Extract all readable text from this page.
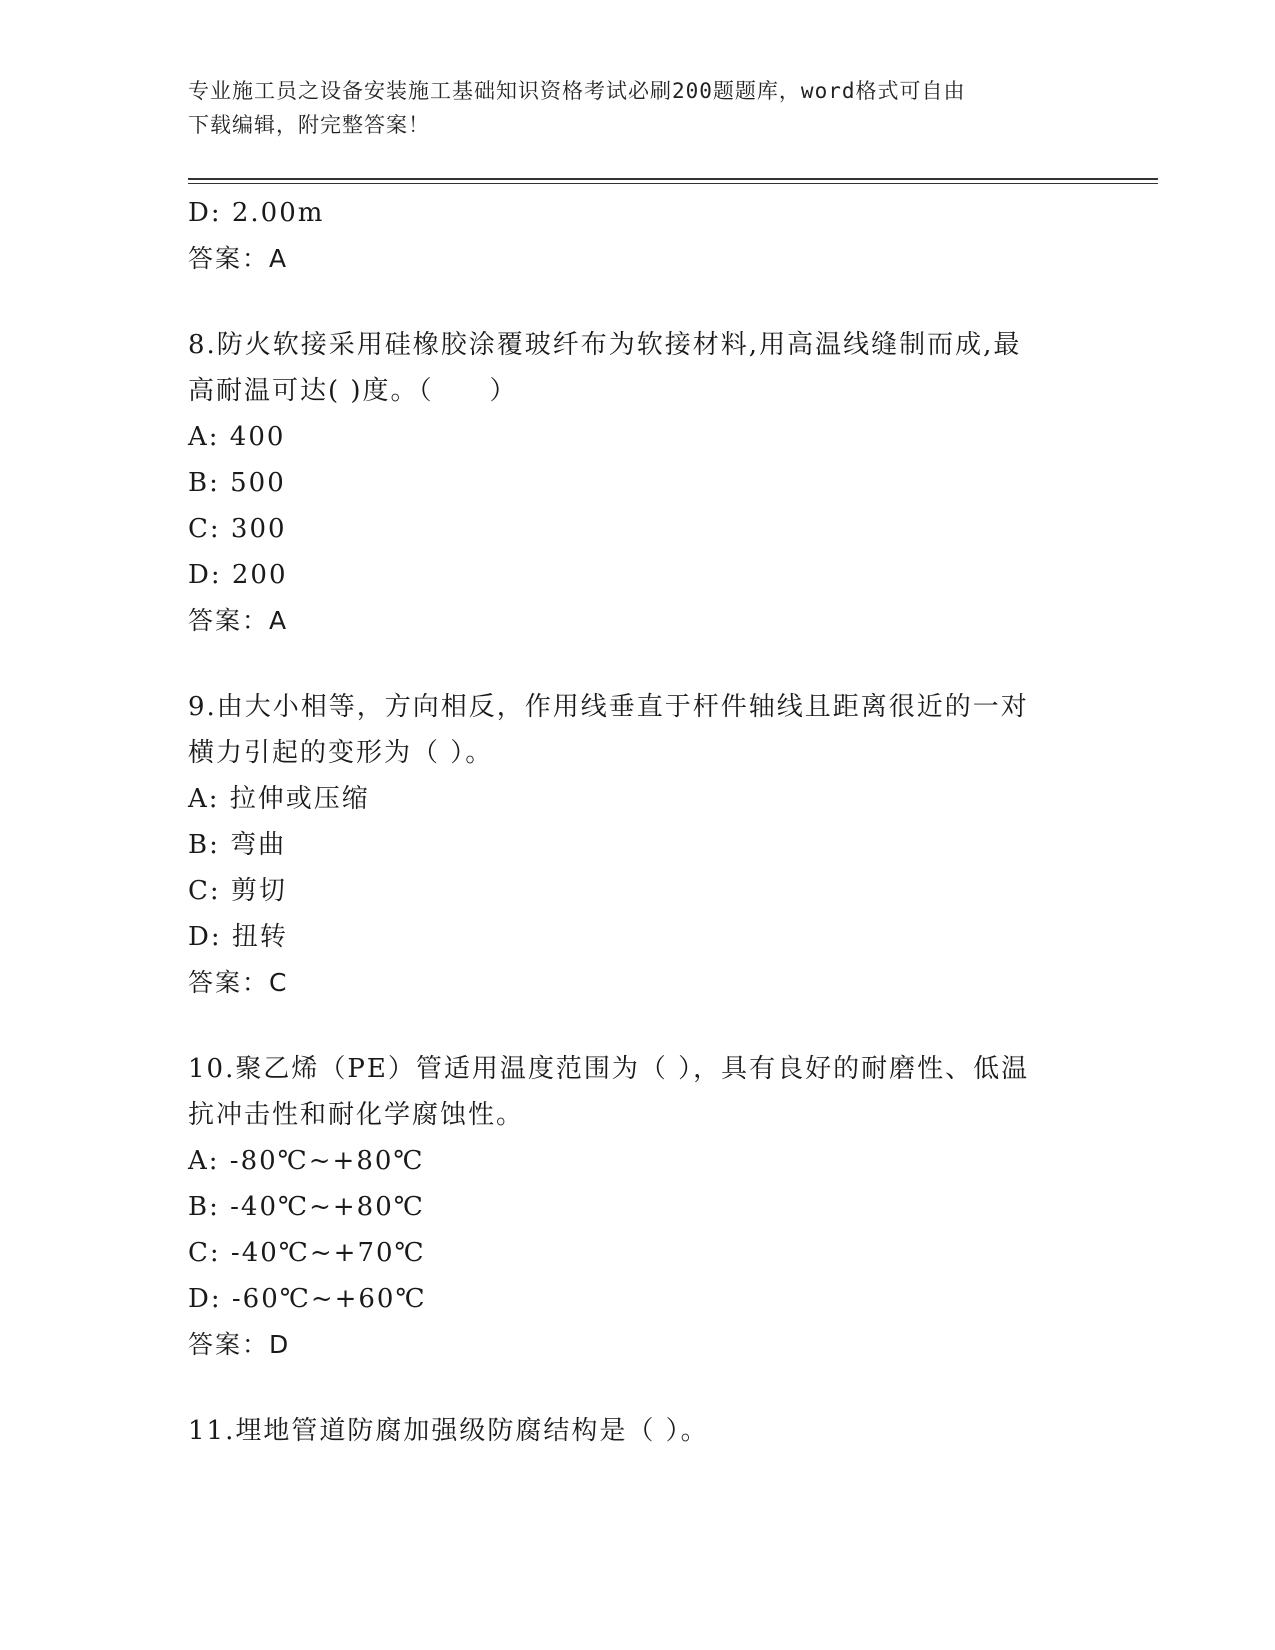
专业施工员之设备安装施工基础知识资格考试必刷200题题库，word格式可自由
下载编辑，附完整答案！
D: 2.00m
答案：A
8.防火软接采用硅橡胶涂覆玻纤布为软接材料,用高温线缝制而成,最
高耐温可达( )度。（　　）
A: 400
B: 500
C: 300
D: 200
答案：A
9.由大小相等，方向相反，作用线垂直于杆件轴线且距离很近的一对
横力引起的变形为（ ）。
A: 拉伸或压缩
B: 弯曲
C: 剪切
D: 扭转
答案：C
10.聚乙烯（PE）管适用温度范围为（ ），具有良好的耐磨性、低温
抗冲击性和耐化学腐蚀性。
A: -80℃~+80℃
B: -40℃~+80℃
C: -40℃~+70℃
D: -60℃~+60℃
答案：D
11.埋地管道防腐加强级防腐结构是（ ）。
